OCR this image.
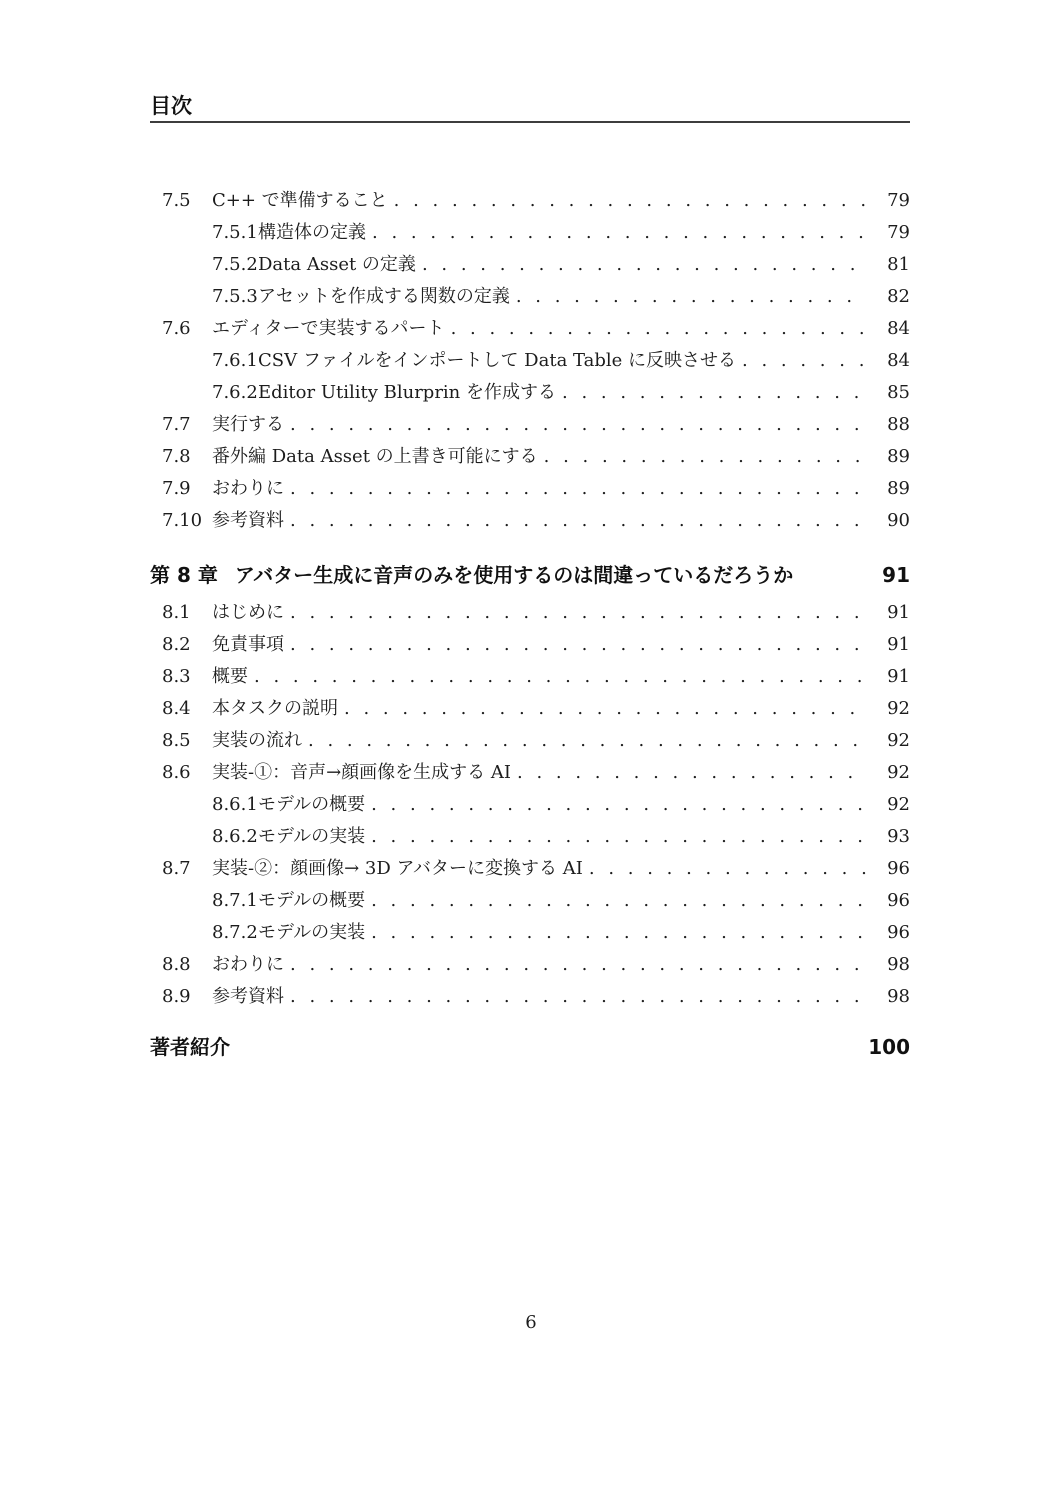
目次
7.5	C++ で準備すること . . .	79
7.5.1 構造体の定義 . . .	79
7.5.2 Data Asset の定義 . . .	81
7.5.3 アセットを作成する関数の定義 . . .	82
7.6	エディターで実装するパート . . .	84
7.6.1 CSV ファイルをインポートして Data Table に反映させる . . .	84
7.6.2 Editor Utility Blurprin を作成する . . .	85
7.7	実行する . . .	88
7.8	番外編 Data Asset の上書き可能にする . . .	89
7.9	おわりに . . .	89
7.10 参考資料 . . .	90
第 8 章 アバター生成に音声のみを使用するのは間違っているだろうか	91
8.1	はじめに . . .	91
8.2	免責事項 . . .	91
8.3	概要 . . .	91
8.4	本タスクの説明 . . .	92
8.5	実装の流れ . . .	92
8.6	実装-①：音声→顔画像を生成する AI . . .	92
8.6.1 モデルの概要 . . .	92
8.6.2 モデルの実装 . . .	93
8.7	実装-②：顔画像→ 3D アバターに変換する AI . . .	96
8.7.1 モデルの概要 . . .	96
8.7.2 モデルの実装 . . .	96
8.8	おわりに . . .	98
8.9	参考資料 . . .	98
著者紹介	100
6
